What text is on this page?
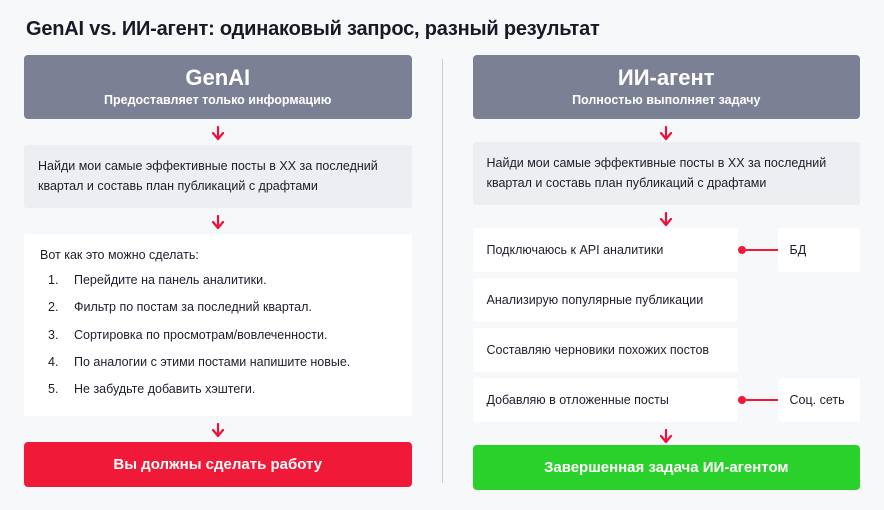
GenAI vs. ИИ-агент: одинаковый запрос, разный результат
GenAI
Предоставляет только информацию
Найди мои самые эффективные посты в XX за последний квартал и составь план публикаций с драфтами
Вот как это можно сделать:
1.	Перейдите на панель аналитики.
2.	Фильтр по постам за последний квартал.
3.	Сортировка по просмотрам/вовлеченности.
4.	По аналогии с этими постами напишите новые.
5.	Не забудьте добавить хэштеги.
Вы должны сделать работу
ИИ-агент
Полностью выполняет задачу
Найди мои самые эффективные посты в XX за последний квартал и составь план публикаций с драфтами
Подключаюсь к API аналитики	БД
Анализирую популярные публикации
Составляю черновики похожих постов
Добавляю в отложенные посты	Соц. сеть
Завершенная задача ИИ-агентом
